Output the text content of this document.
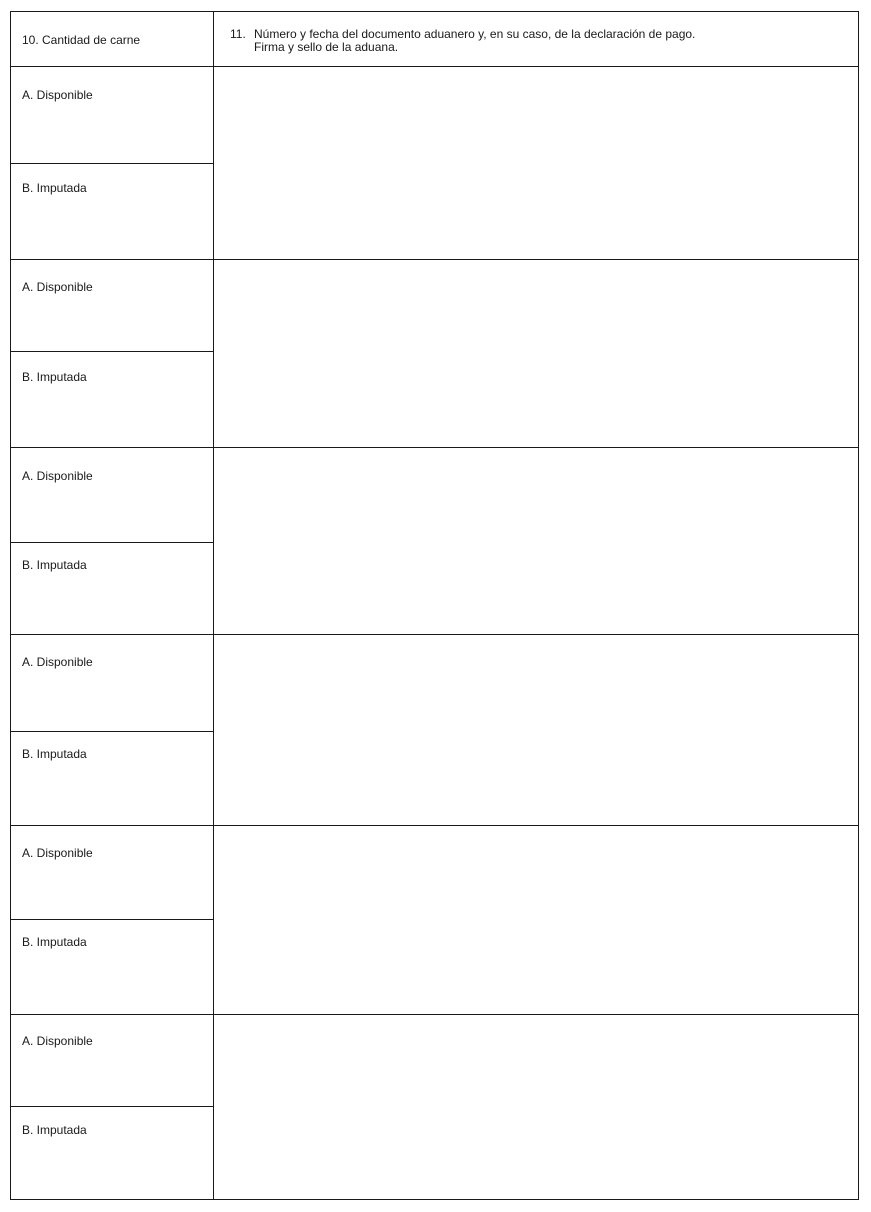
10. Cantidad de carne	11. Número y fecha del documento aduanero y, en su caso, de la declaración de pago.
Firma y sello de la aduana.
A. Disponible
B. Imputada
A. Disponible
B. Imputada
A. Disponible
B. Imputada
A. Disponible
B. Imputada
A. Disponible
B. Imputada
A. Disponible
B. Imputada
